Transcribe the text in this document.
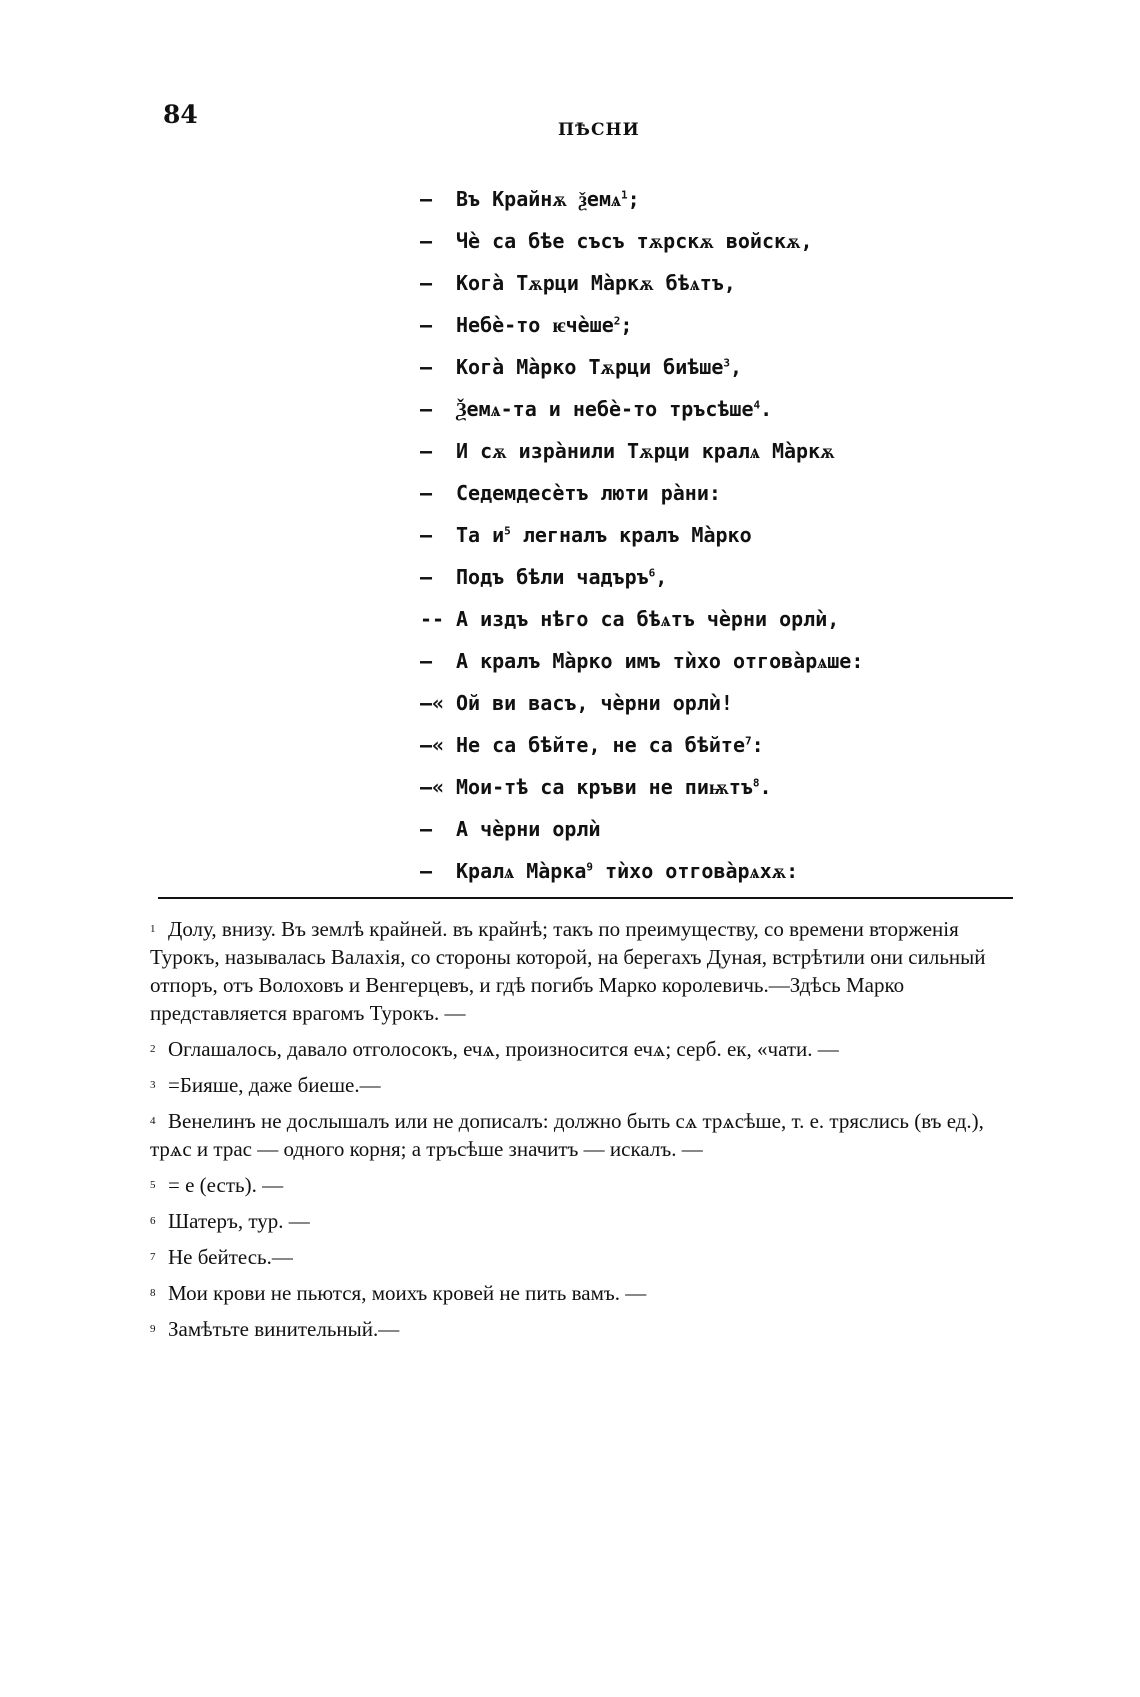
84
ПѢСНИ
— Въ Крайнѫ ѯемѧ$^1$;
— Чѐ са бѣе съсъ тѫрскѫ войскѫ,
— Когà Тѫрци Мàркѫ бѣѧтъ,
— Небѐ-то ѥчèше$^2$;
— Когà Мàрко Тѫрци биѣше$^3$,
— Ѯемѧ-та и небѐ-то тръсѣше$^4$.
— И сѫ изрàнили Тѫрци кралѧ Мàркѫ
— Седемдесѐтъ люти рàни:
— Та $и^5$ легналъ кралъ Мàрко
— Подъ бѣли чадъръ$^6$,
-- А издъ нѣго са бѣѧтъ чѐрни орлѝ,
— А кралъ Мàрко имъ тѝхо отговàрѧше:
—« Ой ви васъ, чѐрни орлѝ!
—« Не са бѣйте, не са бѣйте$^7$:
—« Мои-тѣ са кръви не пиѭтъ$^8$.
— А чѐрни орлѝ
— Кралѧ Мàрка$^9$ тѝхо отговàрѧхѫ:
1 Долу, внизу. Въ землѣ крайней. въ крайнѣ; такъ по преимуществу, со времени вторженія Турокъ, называлась Валахія, со стороны которой, на берегахъ Дуная, встрѣтили они сильный отпоръ, отъ Волоховъ и Венгерцевъ, и гдѣ погибъ Марко королевичь.—Здѣсь Марко представляется врагомъ Турокъ. —
2 Оглашалось, давало отголосокъ, ечѧ, произносится ечѧ; серб. ек, «чати. —
3 =Бияше, даже биеше.—
4 Венелинъ не дослышалъ или не дописалъ: должно быть сѧ трѧсѣше, т. е. тряслись (въ ед.), трѧс и трас — одного корня; а тръсѣше значитъ — искалъ. —
5 = е (есть). —
6 Шатеръ, тур. —
7 Не бейтесь.—
8 Мои крови не пьются, моихъ кровей не пить вамъ. —
9 Замѣтьте винительный.—
